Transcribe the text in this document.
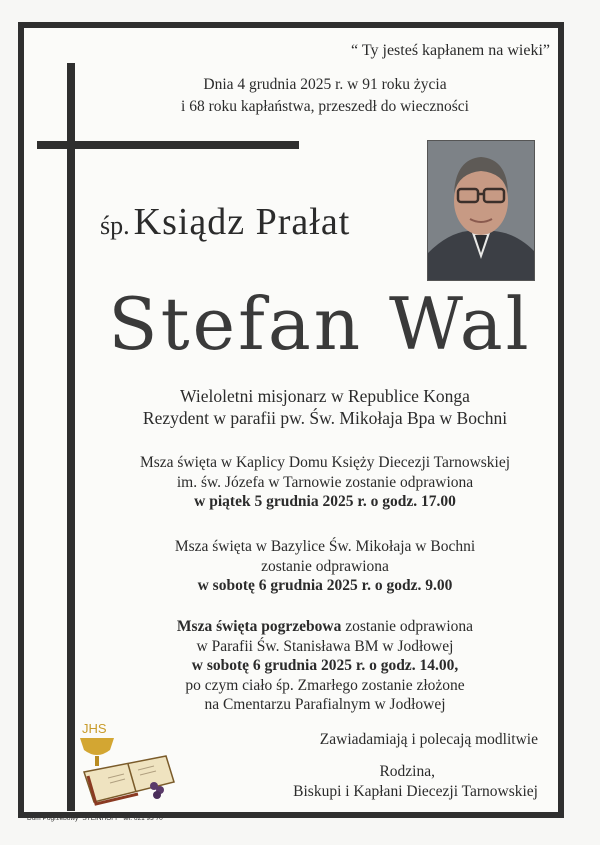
“ Ty jesteś kapłanem na wieki”
Dnia 4 grudnia 2025 r. w 91 roku życia
i 68 roku kapłaństwa, przeszedł do wieczności
śp. Ksiądz Prałat
Stefan Wal
Wieloletni misjonarz w Republice Konga
Rezydent w parafii pw. Św. Mikołaja Bpa w Bochni
Msza święta w Kaplicy Domu Księży Diecezji Tarnowskiej
im. św. Józefa w Tarnowie zostanie odprawiona
w piątek 5 grudnia 2025 r. o godz. 17.00
Msza święta w Bazylice Św. Mikołaja w Bochni
zostanie odprawiona
w sobotę 6 grudnia 2025 r. o godz. 9.00
Msza święta pogrzebowa zostanie odprawiona
w Parafii Św. Stanisława BM w Jodłowej
w sobotę 6 grudnia 2025 r. o godz. 14.00,
po czym ciało śp. Zmarłego zostanie złożone
na Cmentarzu Parafialnym w Jodłowej
JHS
Zawiadamiają i polecają modlitwie
Rodzina,
Biskupi i Kapłani Diecezji Tarnowskiej
Dom Pogrzebowy "STEINHOFF" tel. 621 93 70
